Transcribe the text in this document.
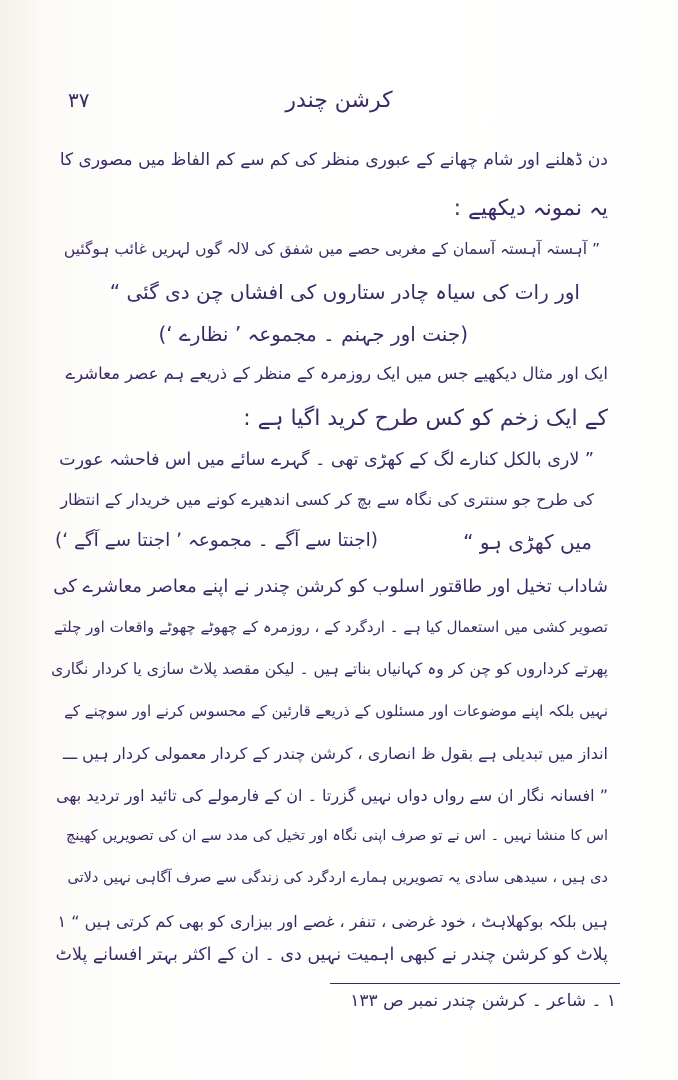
۳۷	کرشن چندر
دن ڈھلنے اور شام چھانے کے عبوری منظر کی کم سے کم الفاظ میں مصوری کا
یہ نمونہ دیکھیے :
” آہستہ آہستہ آسمان کے مغربی حصے میں شفق کی لالہ گوں لہریں غائب ہوگئیں
اور رات کی سیاہ چادر ستاروں کی افشاں چن دی گئی “
(جنت اور جہنم ۔ مجموعہ ’ نظارے ‘)
ایک اور مثال دیکھیے جس میں ایک روزمرہ کے منظر کے ذریعے ہم عصر معاشرے
کے ایک زخم کو کس طرح کرید اگیا ہے :
” لاری بالکل کنارے لگ کے کھڑی تھی ۔ گہرے سائے میں اس فاحشہ عورت
کی طرح جو سنتری کی نگاہ سے بچ کر کسی اندھیرے کونے میں خریدار کے انتظار
میں کھڑی ہو “
(اجنتا سے آگے ۔ مجموعہ ’ اجنتا سے آگے ‘)
شاداب تخیل اور طاقتور اسلوب کو کرشن چندر نے اپنے معاصر معاشرے کی
تصویر کشی میں استعمال کیا ہے ۔ اردگرد کے ، روزمرہ کے چھوٹے چھوٹے واقعات اور چلتے
پھرتے کرداروں کو چن کر وہ کہانیاں بناتے ہیں ۔ لیکن مقصد پلاٹ سازی یا کردار نگاری
نہیں بلکہ اپنے موضوعات اور مسئلوں کے ذریعے قارئین کے محسوس کرنے اور سوچنے کے
انداز میں تبدیلی ہے بقول ظ انصاری ، کرشن چندر کے کردار معمولی کردار ہیں ـــ
” افسانہ نگار ان سے رواں دواں نہیں گزرتا ۔ ان کے فارمولے کی تائید اور تردید بھی
اس کا منشا نہیں ۔ اس نے تو صرف اپنی نگاہ اور تخیل کی مدد سے ان کی تصویریں کھینچ
دی ہیں ، سیدھی سادی یہ تصویریں ہمارے اردگرد کی زندگی سے صرف آگاہی نہیں دلاتی
ہیں بلکہ بوکھلاہٹ ، خود غرضی ، تنفر ، غصے اور بیزاری کو بھی کم کرتی ہیں “ ۱
پلاٹ کو کرشن چندر نے کبھی اہمیت نہیں دی ۔ ان کے اکثر بہتر افسانے پلاٹ
۱ ۔ شاعر ۔ کرشن چندر نمبر ص ۱۳۳
